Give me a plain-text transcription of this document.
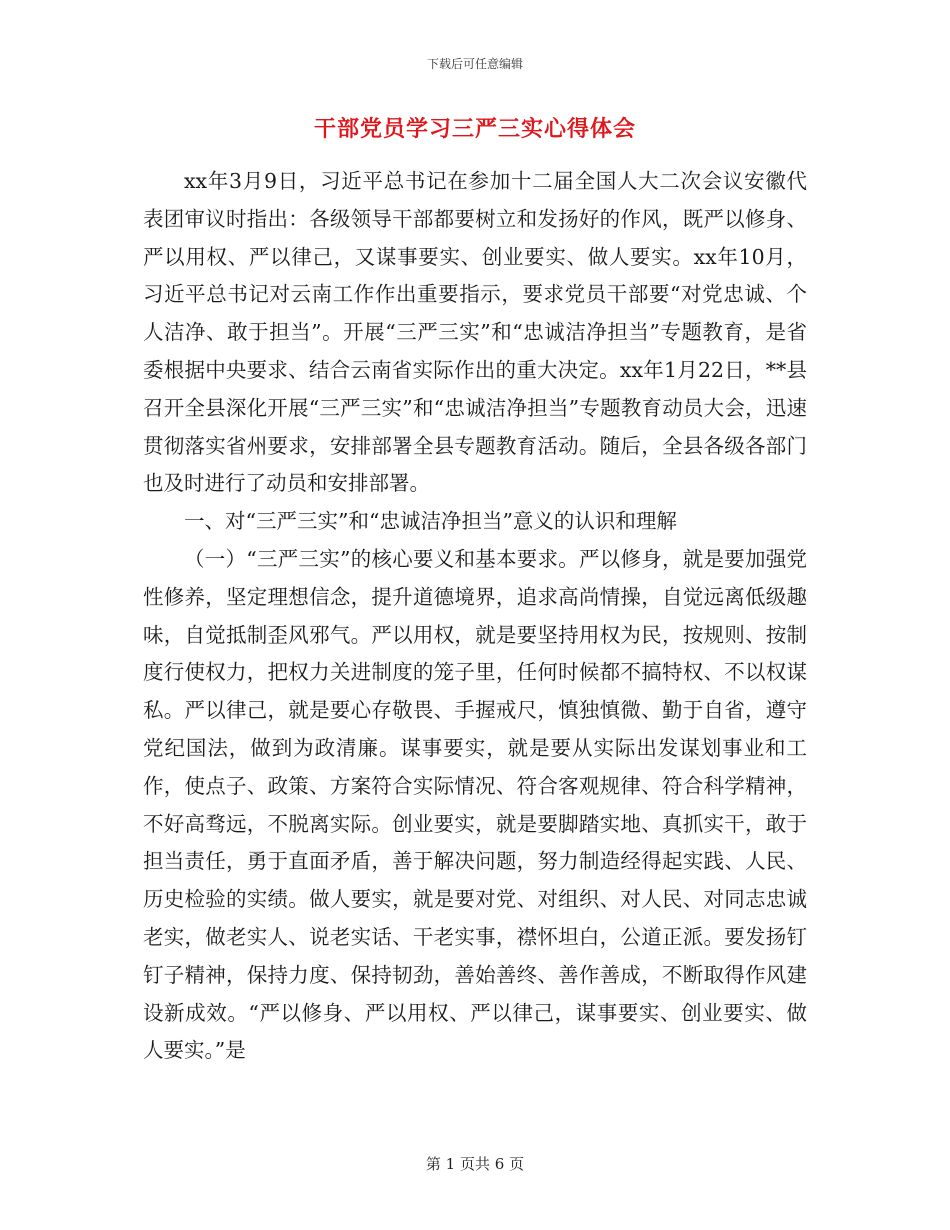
下载后可任意编辑
干部党员学习三严三实心得体会

xx年3月9日，习近平总书记在参加十二届全国人大二次会议安徽代表团审议时指出：各级领导干部都要树立和发扬好的作风，既严以修身、严以用权、严以律己，又谋事要实、创业要实、做人要实。xx年10月，习近平总书记对云南工作作出重要指示，要求党员干部要“对党忠诚、个人洁净、敢于担当”。开展“三严三实”和“忠诚洁净担当”专题教育，是省委根据中央要求、结合云南省实际作出的重大决定。xx年1月22日，**县召开全县深化开展“三严三实”和“忠诚洁净担当”专题教育动员大会，迅速贯彻落实省州要求，安排部署全县专题教育活动。随后，全县各级各部门也及时进行了动员和安排部署。

一、对“三严三实”和“忠诚洁净担当”意义的认识和理解

（一）“三严三实”的核心要义和基本要求。严以修身，就是要加强党性修养，坚定理想信念，提升道德境界，追求高尚情操，自觉远离低级趣味，自觉抵制歪风邪气。严以用权，就是要坚持用权为民，按规则、按制度行使权力，把权力关进制度的笼子里，任何时候都不搞特权、不以权谋私。严以律己，就是要心存敬畏、手握戒尺，慎独慎微、勤于自省，遵守党纪国法，做到为政清廉。谋事要实，就是要从实际出发谋划事业和工作，使点子、政策、方案符合实际情况、符合客观规律、符合科学精神，不好高骛远，不脱离实际。创业要实，就是要脚踏实地、真抓实干，敢于担当责任，勇于直面矛盾，善于解决问题，努力制造经得起实践、人民、历史检验的实绩。做人要实，就是要对党、对组织、对人民、对同志忠诚老实，做老实人、说老实话、干老实事，襟怀坦白，公道正派。要发扬钉钉子精神，保持力度、保持韧劲，善始善终、善作善成，不断取得作风建设新成效。“严以修身、严以用权、严以律己，谋事要实、创业要实、做人要实。”是

第 1 页共 6 页
